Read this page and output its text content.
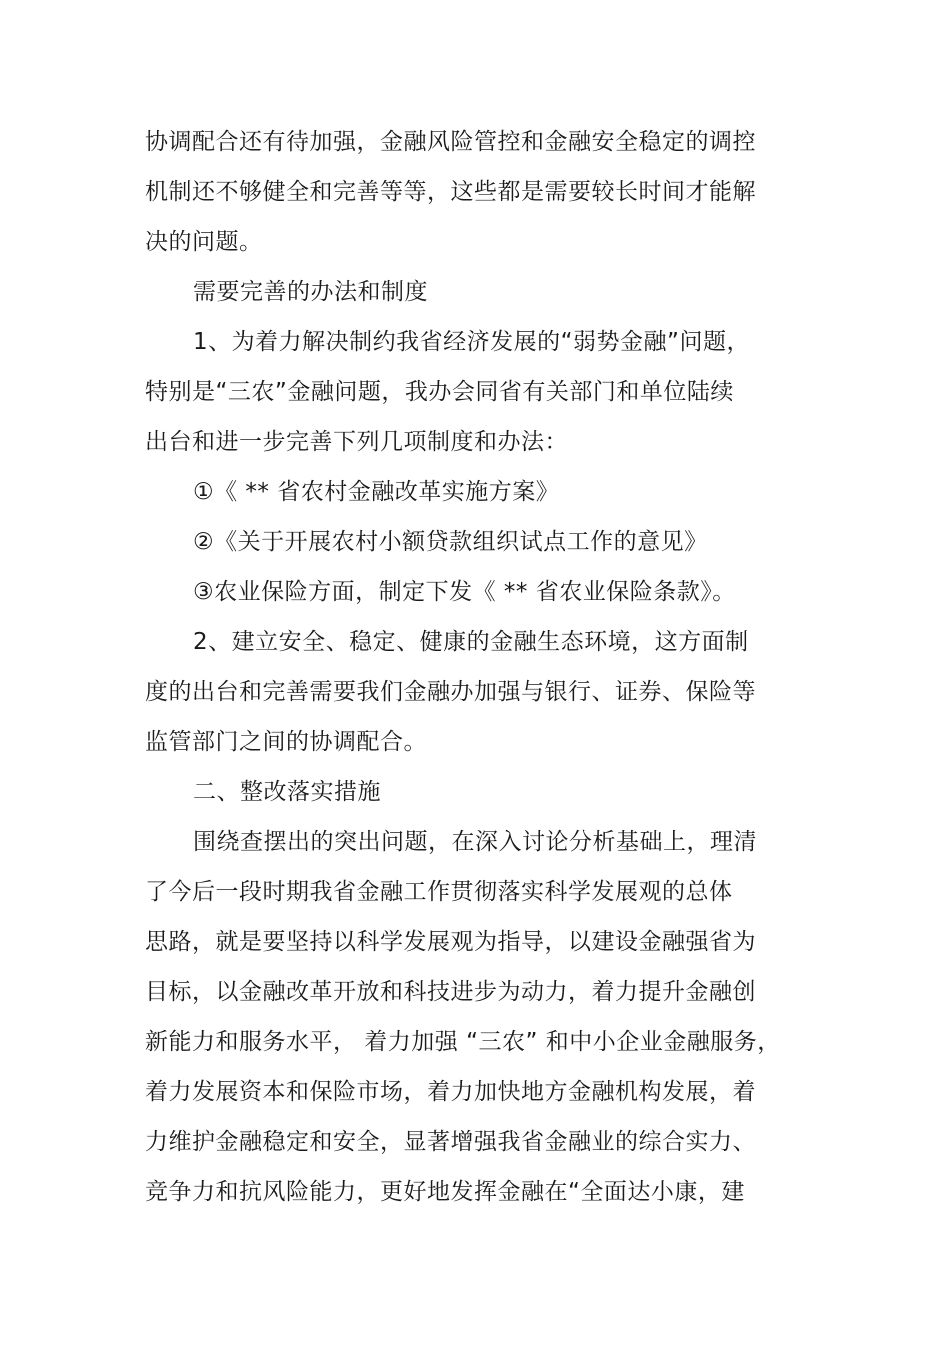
协调配合还有待加强，金融风险管控和金融安全稳定的调控
机制还不够健全和完善等等，这些都是需要较长时间才能解
决的问题。
需要完善的办法和制度
1、为着力解决制约我省经济发展的“弱势金融”问题，
特别是“三农”金融问题，我办会同省有关部门和单位陆续
出台和进一步完善下列几项制度和办法：
①《 ** 省农村金融改革实施方案》
②《关于开展农村小额贷款组织试点工作的意见》
③农业保险方面，制定下发《 ** 省农业保险条款》。
2、建立安全、稳定、健康的金融生态环境，这方面制
度的出台和完善需要我们金融办加强与银行、证券、保险等
监管部门之间的协调配合。
二、整改落实措施
围绕查摆出的突出问题，在深入讨论分析基础上，理清
了今后一段时期我省金融工作贯彻落实科学发展观的总体
思路，就是要坚持以科学发展观为指导，以建设金融强省为
目标，以金融改革开放和科技进步为动力，着力提升金融创
新能力和服务水平， 着力加强 “三农” 和中小企业金融服务，
着力发展资本和保险市场，着力加快地方金融机构发展，着
力维护金融稳定和安全，显著增强我省金融业的综合实力、
竞争力和抗风险能力，更好地发挥金融在“全面达小康，建
